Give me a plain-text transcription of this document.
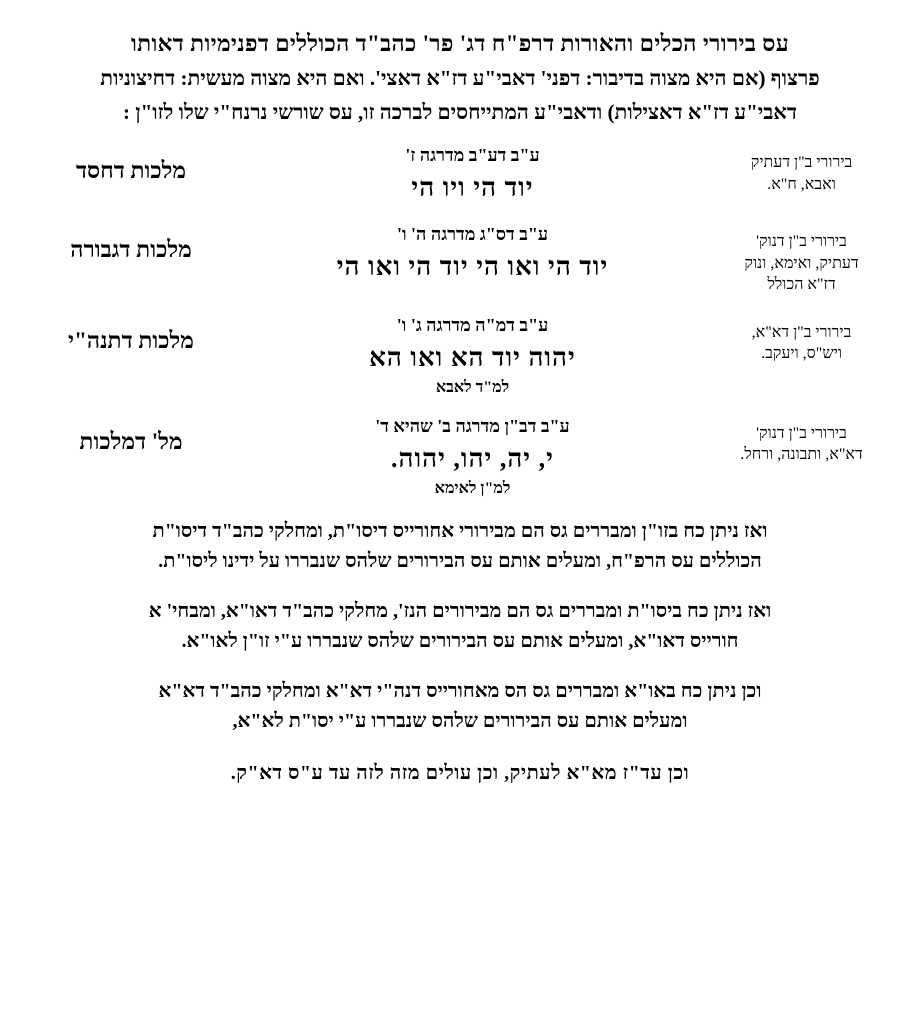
עס בירורי הכלים והאורות דרפ"ח דג' פר' כהב"ד הכוללים דפנימיות דאותו
פרצוף (אם היא מצוה בדיבור: דפני' דאבי"ע דז"א דאצי'. ואם היא מצוה מעשית: דחיצוניות
דאבי"ע דז"א דאצילות) ודאבי"ע המתייחסים לברכה זו, עס שורשי נרנח"י שלו לזו"ן :
בירורי ב"ן דעתיק
ואבא, ח"א.
ע"ב דע"ב מדרגה ז'
יוד הי ויו הי
מלכות דחסד
בירורי ב"ן דנוק'
דעתיק, ואימא, ונוק
דז"א הכולל
ע"ב דס"ג מדרגה ה' ו'
יוד הי ואו הי יוד הי ואו הי
מלכות דגבורה
בירורי ב"ן דא"א,
ויש"ס, ויעקב.
ע"ב דמ"ה מדרגה ג' ו'
יהוה יוד הא ואו הא
למ"ד לאבא
מלכות דתנה"י
בירורי ב"ן דנוק'
דא"א, ותבונה, ורחל.
ע"ב דב"ן מדרגה ב' שהיא ד'
י, יה, יהו, יהוה.
למ"ן לאימא
מל' דמלכות
ואז ניתן כח בזו"ן ומבררים גס הם מבירורי אחורייס דיסו"ת, ומחלקי כהב"ד דיסו"ת
הכוללים עס הרפ"ח, ומעלים אותם עס הבירורים שלהס שנבררו על ידינו ליסו"ת.
ואז ניתן כח ביסו"ת ומבררים גס הם מבירורים הנז', מחלקי כהב"ד דאו"א, ומבחי' א
חורייס דאו"א, ומעלים אותם עס הבירורים שלהס שנבררו ע"י זו"ן לאו"א.
וכן ניתן כח באו"א ומבררים גס הס מאחורייס דנה"י דא"א ומחלקי כהב"ד דא"א
ומעלים אותם עס הבירורים שלהס שנבררו ע"י יסו"ת לא"א,
וכן עד"ז מא"א לעתיק, וכן עולים מזה לזה עד ע"ס דא"ק.
